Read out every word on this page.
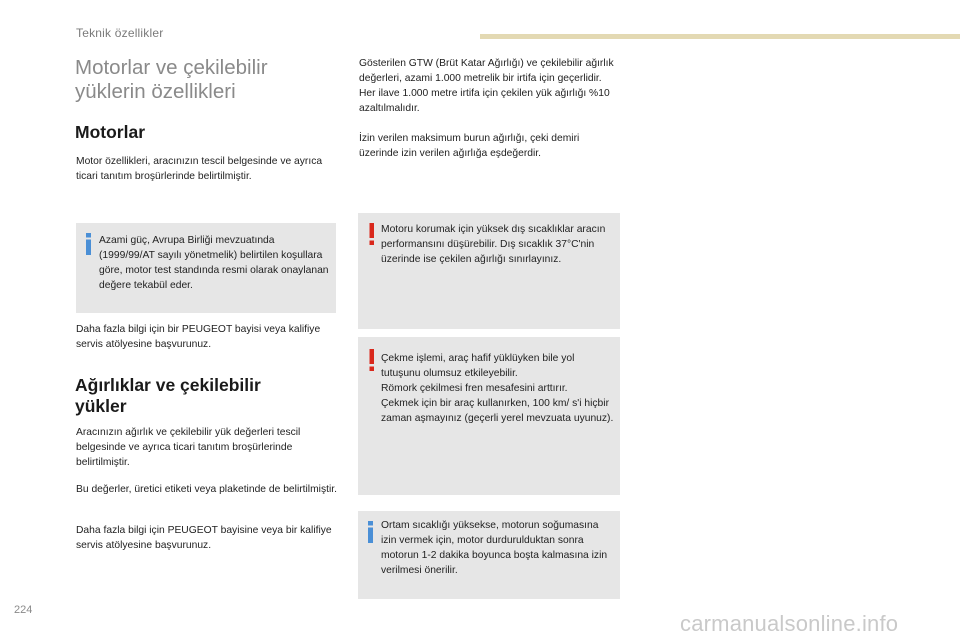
Teknik özellikler
Motorlar ve çekilebilir
yüklerin özellikleri
Motorlar
Motor özellikleri, aracınızın tescil belgesinde ve ayrıca ticari tanıtım broşürlerinde belirtilmiştir.
Azami güç, Avrupa Birliği mevzuatında (1999/99/AT sayılı yönetmelik) belirtilen koşullara göre, motor test standında resmi olarak onaylanan değere tekabül eder.
Daha fazla bilgi için bir PEUGEOT bayisi veya kalifiye servis atölyesine başvurunuz.
Ağırlıklar ve çekilebilir
yükler
Aracınızın ağırlık ve çekilebilir yük değerleri tescil belgesinde ve ayrıca ticari tanıtım broşürlerinde belirtilmiştir.
Bu değerler, üretici etiketi veya plaketinde de belirtilmiştir.
Daha fazla bilgi için PEUGEOT bayisine veya bir kalifiye servis atölyesine başvurunuz.
Gösterilen GTW (Brüt Katar Ağırlığı) ve çekilebilir ağırlık değerleri, azami 1.000 metrelik bir irtifa için geçerlidir. Her ilave 1.000 metre irtifa için çekilen yük ağırlığı %10 azaltılmalıdır.
İzin verilen maksimum burun ağırlığı, çeki demiri üzerinde izin verilen ağırlığa eşdeğerdir.
Motoru korumak için yüksek dış sıcaklıklar aracın performansını düşürebilir. Dış sıcaklık 37°C'nin üzerinde ise çekilen ağırlığı sınırlayınız.
Çekme işlemi, araç hafif yüklüyken bile yol tutuşunu olumsuz etkileyebilir.
Römork çekilmesi fren mesafesini arttırır.
Çekmek için bir araç kullanırken, 100 km/ s'i hiçbir zaman aşmayınız (geçerli yerel mevzuata uyunuz).
Ortam sıcaklığı yüksekse, motorun soğumasına izin vermek için, motor durdurulduktan sonra motorun 1-2 dakika boyunca boşta kalmasına izin verilmesi önerilir.
224
carmanualsonline.info
